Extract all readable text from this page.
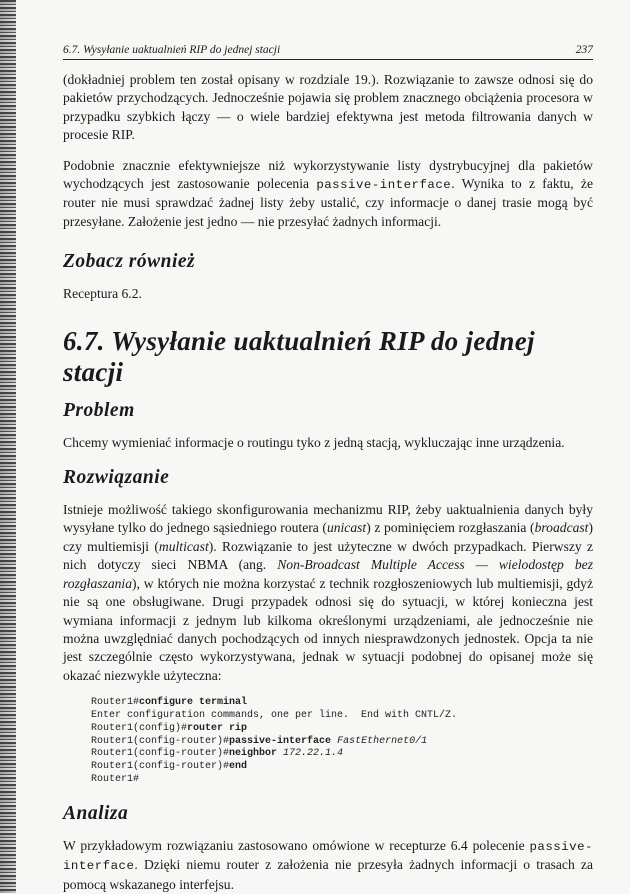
6.7. Wysyłanie uaktualnień RIP do jednej stacji	237

(dokładniej problem ten został opisany w rozdziale 19.). Rozwiązanie to zawsze odnosi się do pakietów przychodzących. Jednocześnie pojawia się problem znacznego obciążenia procesora w przypadku szybkich łączy — o wiele bardziej efektywna jest metoda filtrowania danych w procesie RIP.

Podobnie znacznie efektywniejsze niż wykorzystywanie listy dystrybucyjnej dla pakietów wychodzących jest zastosowanie polecenia passive-interface. Wynika to z faktu, że router nie musi sprawdzać żadnej listy żeby ustalić, czy informacje o danej trasie mogą być przesyłane. Założenie jest jedno — nie przesyłać żadnych informacji.

Zobacz również

Receptura 6.2.

6.7. Wysyłanie uaktualnień RIP do jednej stacji
Problem

Chcemy wymieniać informacje o routingu tyko z jedną stacją, wykluczając inne urządzenia.

Rozwiązanie

Istnieje możliwość takiego skonfigurowania mechanizmu RIP, żeby uaktualnienia danych były wysyłane tylko do jednego sąsiedniego routera (unicast) z pominięciem rozgłaszania (broadcast) czy multiemisji (multicast). Rozwiązanie to jest użyteczne w dwóch przypadkach. Pierwszy z nich dotyczy sieci NBMA (ang. Non-Broadcast Multiple Access — wielodostęp bez rozgłaszania), w których nie można korzystać z technik rozgłoszeniowych lub multiemisji, gdyż nie są one obsługiwane. Drugi przypadek odnosi się do sytuacji, w której konieczna jest wymiana informacji z jednym lub kilkoma określonymi urządzeniami, ale jednocześnie nie można uwzględniać danych pochodzących od innych niesprawdzonych jednostek. Opcja ta nie jest szczególnie często wykorzystywana, jednak w sytuacji podobnej do opisanej może się okazać niezwykle użyteczna:

Router1#configure terminal
Enter configuration commands, one per line.  End with CNTL/Z.
Router1(config)#router rip
Router1(config-router)#passive-interface FastEthernet0/1
Router1(config-router)#neighbor 172.22.1.4
Router1(config-router)#end
Router1#
Analiza

W przykładowym rozwiązaniu zastosowano omówione w recepturze 6.4 polecenie passive-interface. Dzięki niemu router z założenia nie przesyła żadnych informacji o trasach za pomocą wskazanego interfejsu.
